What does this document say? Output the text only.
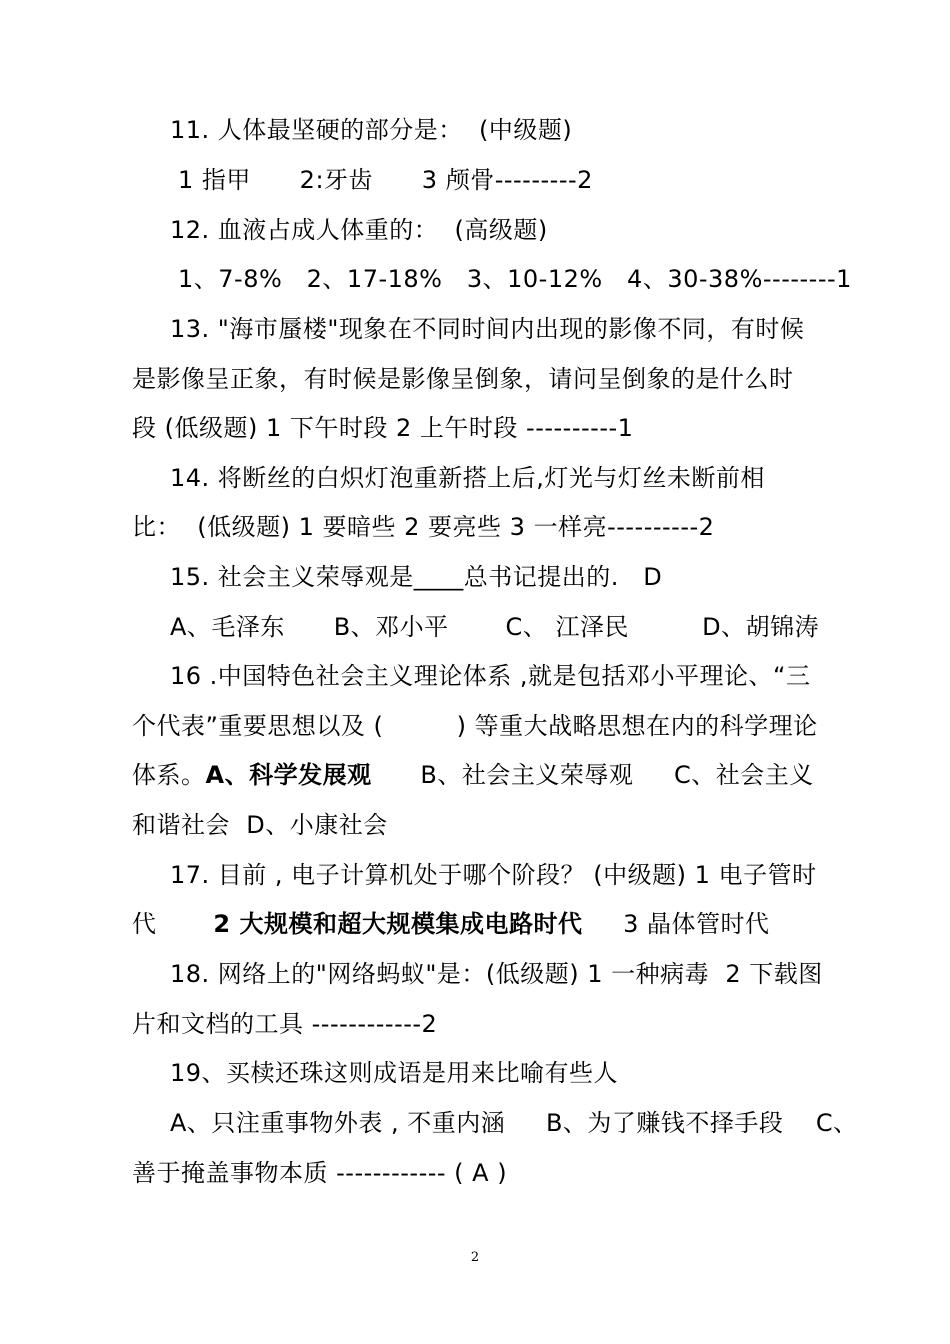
11. 人体最坚硬的部分是：  (中级题)
1 指甲      2:牙齿      3 颅骨---------2
12. 血液占成人体重的：  (高级题)
1、7-8%   2、17-18%   3、10-12%   4、30-38%--------1
13. "海市蜃楼"现象在不同时间内出现的影像不同，有时候
是影像呈正象，有时候是影像呈倒象，请问呈倒象的是什么时
段 (低级题) 1 下午时段 2 上午时段 ----------1
14. 将断丝的白炽灯泡重新搭上后,灯光与灯丝未断前相
比：  (低级题) 1 要暗些 2 要亮些 3 一样亮----------2
15. 社会主义荣辱观是____总书记提出的.   D
A、毛泽东      B、邓小平       C、 江泽民         D、胡锦涛
16 .中国特色社会主义理论体系 ,就是包括邓小平理论、“三
个代表”重要思想以及 (         ) 等重大战略思想在内的科学理论
体系。A、科学发展观      B、社会主义荣辱观     C、社会主义
和谐社会  D、小康社会
17. 目前 , 电子计算机处于哪个阶段？ (中级题) 1 电子管时
代       2 大规模和超大规模集成电路时代     3 晶体管时代
18. 网络上的"网络蚂蚁"是：(低级题) 1 一种病毒  2 下载图
片和文档的工具 ------------2
19、买椟还珠这则成语是用来比喻有些人
A、只注重事物外表 , 不重内涵     B、为了赚钱不择手段    C、
善于掩盖事物本质 ------------ ( A )
2
